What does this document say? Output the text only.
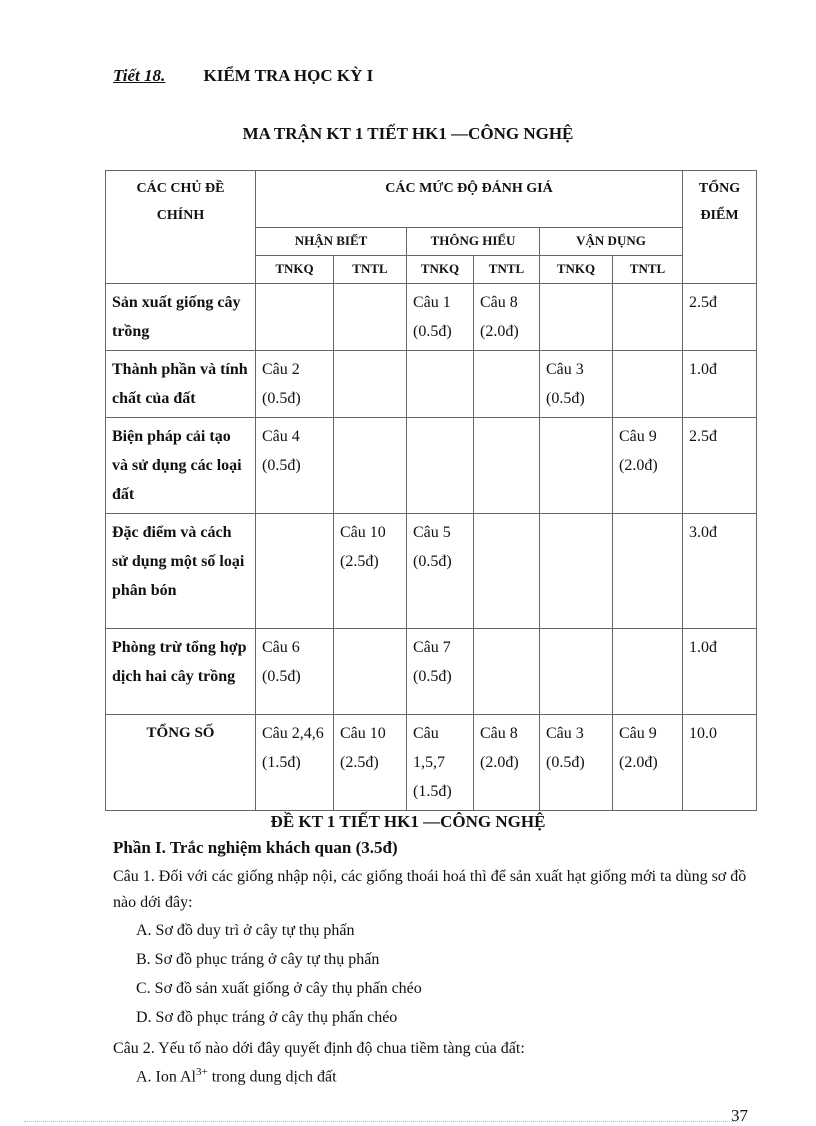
Tiết 18. KIỂM TRA HỌC KỲ I
MA TRẬN KT 1 TIẾT HK1 —CÔNG NGHỆ
CÁC CHỦ ĐỀ CHÍNH	CÁC MỨC ĐỘ ĐÁNH GIÁ						TỔNG ĐIỂM
	NHẬN BIẾT		THÔNG HIỂU		VẬN DỤNG		
	TNKQ	TNTL	TNKQ	TNTL	TNKQ	TNTL	
Sản xuất giống cây trồng			Câu 1 (0.5đ)	Câu 8 (2.0đ)			2.5đ
Thành phần và tính chất của đất	Câu 2 (0.5đ)				Câu 3 (0.5đ)		1.0đ
Biện pháp cải tạo và sử dụng các loại đất	Câu 4 (0.5đ)					Câu 9 (2.0đ)	2.5đ
Đặc điểm và cách sử dụng một số loại phân bón		Câu 10 (2.5đ)	Câu 5 (0.5đ)				3.0đ
Phòng trừ tổng hợp dịch hai cây trồng	Câu 6 (0.5đ)		Câu 7 (0.5đ)				1.0đ
TỔNG SỐ	Câu 2,4,6 (1.5đ)	Câu 10 (2.5đ)	Câu 1,5,7 (1.5đ)	Câu 8 (2.0đ)	Câu 3 (0.5đ)	Câu 9 (2.0đ)	10.0
ĐỀ KT 1 TIẾT HK1 —CÔNG NGHỆ
Phần I. Trắc nghiệm khách quan (3.5đ)
Câu 1. Đối với các giống nhập nội, các giống thoái hoá thì để sản xuất hạt giống mới ta dùng sơ đồ nào dới đây:
A. Sơ đồ duy trì ở cây tự thụ phấn
B. Sơ đồ phục tráng ở cây tự thụ phấn
C. Sơ đồ sản xuất giống ở cây thụ phấn chéo
D. Sơ đồ phục tráng ở cây thụ phấn chéo
Câu 2. Yếu tố nào dới đây quyết định độ chua tiềm tàng của đất:
A. Ion $Al^{3+}$ trong dung dịch đất
37
